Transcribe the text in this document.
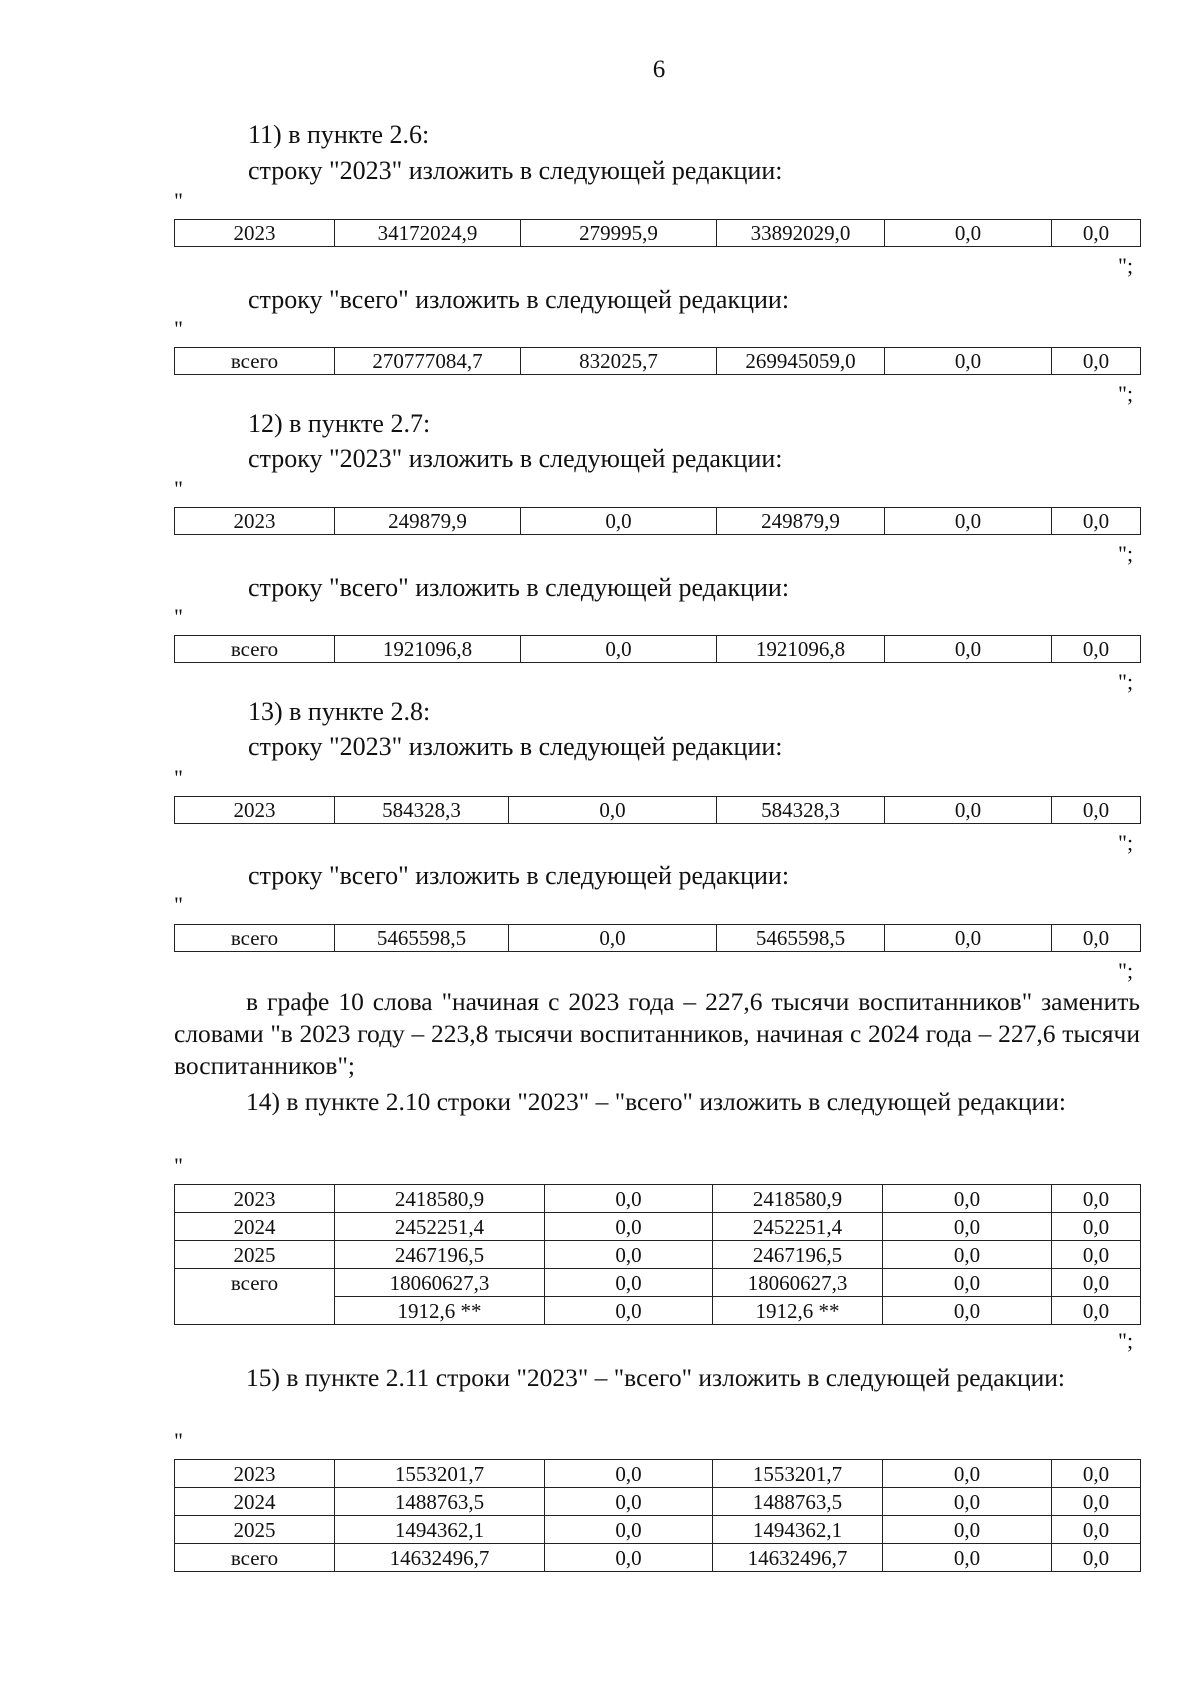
6
11) в пункте 2.6:
строку "2023" изложить в следующей редакции:
"
2023	34172024,9	279995,9	33892029,0	0,0	0,0
";
строку "всего" изложить в следующей редакции:
"
всего	270777084,7	832025,7	269945059,0	0,0	0,0
";
12) в пункте 2.7:
строку "2023" изложить в следующей редакции:
"
2023	249879,9	0,0	249879,9	0,0	0,0
";
строку "всего" изложить в следующей редакции:
"
всего	1921096,8	0,0	1921096,8	0,0	0,0
";
13) в пункте 2.8:
строку "2023" изложить в следующей редакции:
"
2023	584328,3	0,0	584328,3	0,0	0,0
";
строку "всего" изложить в следующей редакции:
"
всего	5465598,5	0,0	5465598,5	0,0	0,0
";
в графе 10 слова "начиная с 2023 года – 227,6 тысячи воспитанников" заменить словами "в 2023 году – 223,8 тысячи воспитанников, начиная с 2024 года – 227,6 тысячи воспитанников";
14) в пункте 2.10 строки "2023" – "всего" изложить в следующей редакции:
"
2023	2418580,9	0,0	2418580,9	0,0	0,0
2024	2452251,4	0,0	2452251,4	0,0	0,0
2025	2467196,5	0,0	2467196,5	0,0	0,0
всего	18060627,3	0,0	18060627,3	0,0	0,0
	1912,6 **	0,0	1912,6 **	0,0	0,0
";
15) в пункте 2.11 строки "2023" – "всего" изложить в следующей редакции:
"
2023	1553201,7	0,0	1553201,7	0,0	0,0
2024	1488763,5	0,0	1488763,5	0,0	0,0
2025	1494362,1	0,0	1494362,1	0,0	0,0
всего	14632496,7	0,0	14632496,7	0,0	0,0
